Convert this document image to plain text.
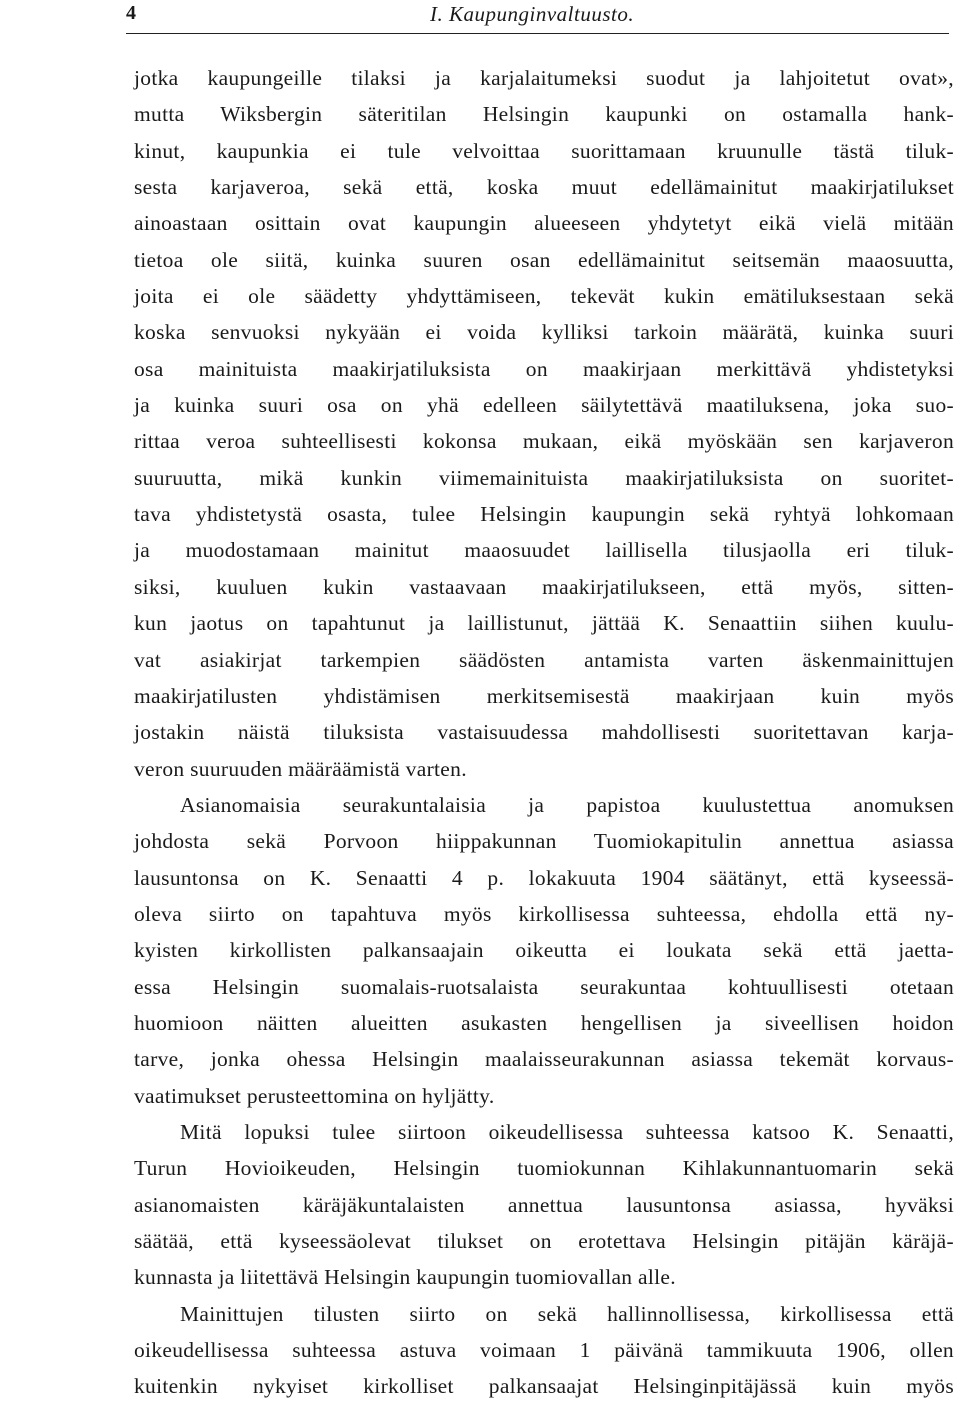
4	I. Kaupunginvaltuusto.
jotka kaupungeille tilaksi ja karjalaitumeksi suodut ja lahjoitetut ovat»,
mutta Wiksbergin säteritilan Helsingin kaupunki on ostamalla hank-
kinut, kaupunkia ei tule velvoittaa suorittamaan kruunulle tästä tiluk-
sesta karjaveroa, sekä että, koska muut edellämainitut maakirjatilukset
ainoastaan osittain ovat kaupungin alueeseen yhdytetyt eikä vielä mitään
tietoa ole siitä, kuinka suuren osan edellämainitut seitsemän maaosuutta,
joita ei ole säädetty yhdyttämiseen, tekevät kukin emätiluksestaan sekä
koska senvuoksi nykyään ei voida kylliksi tarkoin määrätä, kuinka suuri
osa mainituista maakirjatiluksista on maakirjaan merkittävä yhdistetyksi
ja kuinka suuri osa on yhä edelleen säilytettävä maatiluksena, joka suo-
rittaa veroa suhteellisesti kokonsa mukaan, eikä myöskään sen karjaveron
suuruutta, mikä kunkin viimemainituista maakirjatiluksista on suoritet-
tava yhdistetystä osasta, tulee Helsingin kaupungin sekä ryhtyä lohkomaan
ja muodostamaan mainitut maaosuudet laillisella tilusjaolla eri tiluk-
siksi, kuuluen kukin vastaavaan maakirjatilukseen, että myös, sitten-
kun jaotus on tapahtunut ja laillistunut, jättää K. Senaattiin siihen kuulu-
vat asiakirjat tarkempien säädösten antamista varten äskenmainittujen
maakirjatilusten yhdistämisen merkitsemisestä maakirjaan kuin myös
jostakin näistä tiluksista vastaisuudessa mahdollisesti suoritettavan karja-
veron suuruuden määräämistä varten.
Asianomaisia seurakuntalaisia ja papistoa kuulustettua anomuksen
johdosta sekä Porvoon hiippakunnan Tuomiokapitulin annettua asiassa
lausuntonsa on K. Senaatti 4 p. lokakuuta 1904 säätänyt, että kyseessä-
oleva siirto on tapahtuva myös kirkollisessa suhteessa, ehdolla että ny-
kyisten kirkollisten palkansaajain oikeutta ei loukata sekä että jaetta-
essa Helsingin suomalais-ruotsalaista seurakuntaa kohtuullisesti otetaan
huomioon näitten alueitten asukasten hengellisen ja siveellisen hoidon
tarve, jonka ohessa Helsingin maalaisseurakunnan asiassa tekemät korvaus-
vaatimukset perusteettomina on hyljätty.
Mitä lopuksi tulee siirtoon oikeudellisessa suhteessa katsoo K. Senaatti,
Turun Hovioikeuden, Helsingin tuomiokunnan Kihlakunnantuomarin sekä
asianomaisten käräjäkuntalaisten annettua lausuntonsa asiassa, hyväksi
säätää, että kyseessäolevat tilukset on erotettava Helsingin pitäjän käräjä-
kunnasta ja liitettävä Helsingin kaupungin tuomiovallan alle.
Mainittujen tilusten siirto on sekä hallinnollisessa, kirkollisessa että
oikeudellisessa suhteessa astuva voimaan 1 päivänä tammikuuta 1906, ollen
kuitenkin nykyiset kirkolliset palkansaajat Helsinginpitäjässä kuin myös
